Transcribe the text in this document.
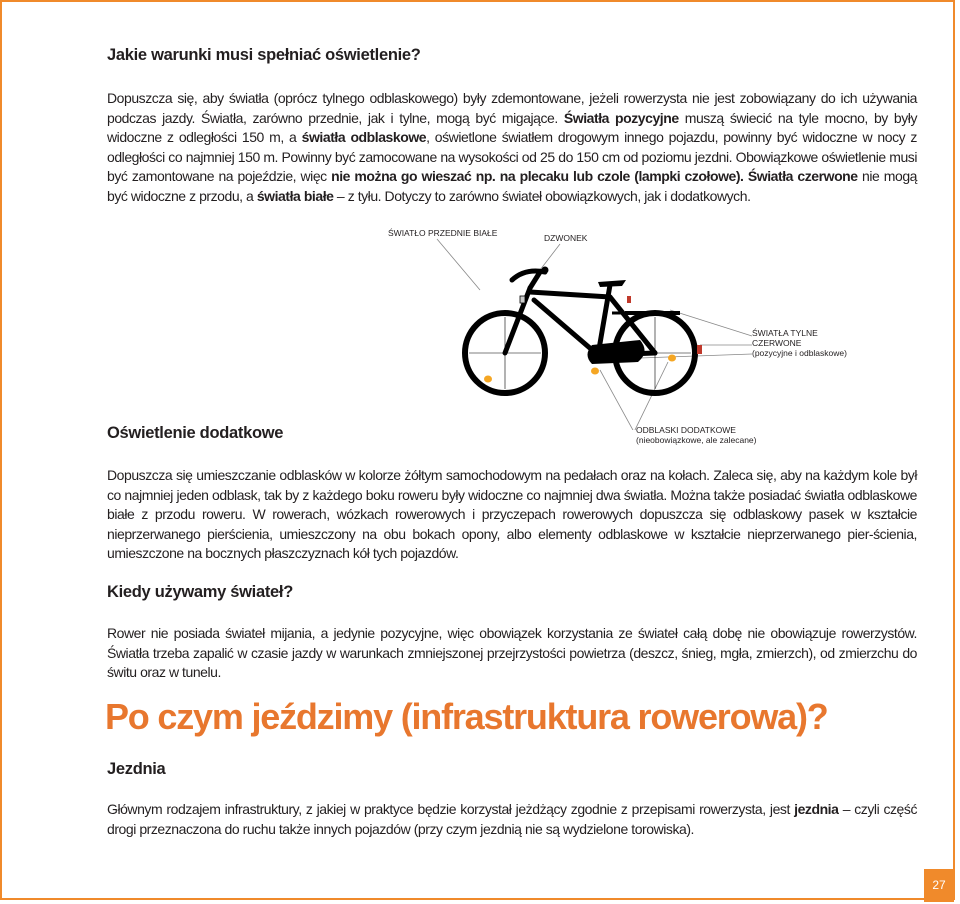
Jakie warunki musi spełniać oświetlenie?

Dopuszcza się, aby światła (oprócz tylnego odblaskowego) były zdemontowane, jeżeli rowerzysta nie jest zobowiązany do ich używania podczas jazdy. Światła, zarówno przednie, jak i tylne, mogą być migające. Światła pozycyjne muszą świecić na tyle mocno, by były widoczne z odległości 150 m, a światła odblaskowe, oświetlone światłem drogowym innego pojazdu, powinny być widoczne w nocy z odległości co najmniej 150 m. Powinny być zamocowane na wysokości od 25 do 150 cm od poziomu jezdni. Obowiązkowe oświetlenie musi być zamontowane na pojeździe, więc nie można go wieszać np. na plecaku lub czole (lampki czołowe). Światła czerwone nie mogą być widoczne z przodu, a światła białe – z tyłu. Dotyczy to zarówno świateł obowiązkowych, jak i dodatkowych.

ŚWIATŁO PRZEDNIE BIAŁE	DZWONEK
ŚWIATŁA TYLNE
CZERWONE
(pozycyjne i odblaskowe)
ODBLASKI DODATKOWE
(nieobowiązkowe, ale zalecane)
Oświetlenie dodatkowe

Dopuszcza się umieszczanie odblasków w kolorze żółtym samochodowym na pedałach oraz na kołach. Zaleca się, aby na każdym kole był co najmniej jeden odblask, tak by z każdego boku roweru były widoczne co najmniej dwa światła. Można także posiadać światła odblaskowe białe z przodu roweru. W rowerach, wózkach rowerowych i przyczepach rowerowych dopuszcza się odblaskowy pasek w kształcie nieprzerwanego pierścienia, umieszczony na obu bokach opony, albo elementy odblaskowe w kształcie nieprzerwanego pier-ścienia, umieszczone na bocznych płaszczyznach kół tych pojazdów.

Kiedy używamy świateł?

Rower nie posiada świateł mijania, a jedynie pozycyjne, więc obowiązek korzystania ze świateł całą dobę nie obowiązuje rowerzystów. Światła trzeba zapalić w czasie jazdy w warunkach zmniejszonej przejrzystości powietrza (deszcz, śnieg, mgła, zmierzch), od zmierzchu do świtu oraz w tunelu.

Po czym jeździmy (infrastruktura rowerowa)?
Jezdnia

Głównym rodzajem infrastruktury, z jakiej w praktyce będzie korzystał jeżdżący zgodnie z przepisami rowerzysta, jest jezdnia – czyli część drogi przeznaczona do ruchu także innych pojazdów (przy czym jezdnią nie są wydzielone torowiska).

27
